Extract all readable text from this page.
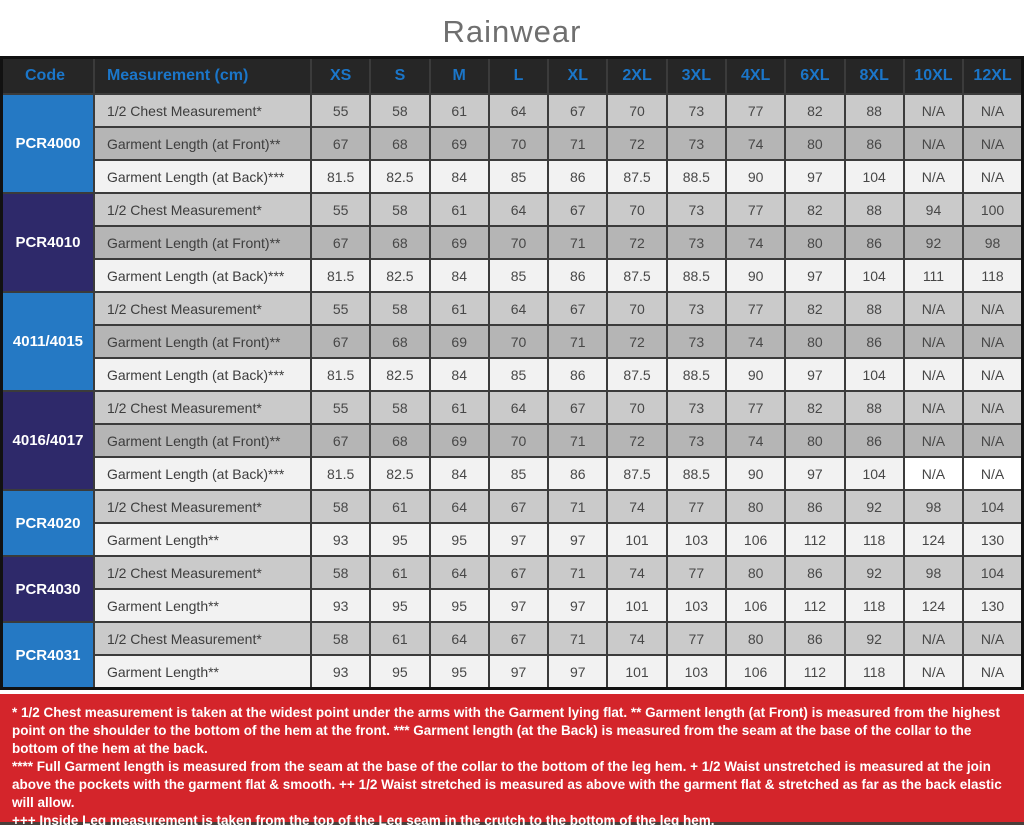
Rainwear
Code	Measurement (cm)	XS	S	M	L	XL	2XL	3XL	4XL	6XL	8XL	10XL	12XL
PCR4000	1/2 Chest Measurement*	55	58	61	64	67	70	73	77	82	88	N/A	N/A
	Garment Length (at Front)**	67	68	69	70	71	72	73	74	80	86	N/A	N/A
	Garment Length (at Back)***	81.5	82.5	84	85	86	87.5	88.5	90	97	104	N/A	N/A
PCR4010	1/2 Chest Measurement*	55	58	61	64	67	70	73	77	82	88	94	100
	Garment Length (at Front)**	67	68	69	70	71	72	73	74	80	86	92	98
	Garment Length (at Back)***	81.5	82.5	84	85	86	87.5	88.5	90	97	104	111	118
4011/4015	1/2 Chest Measurement*	55	58	61	64	67	70	73	77	82	88	N/A	N/A
	Garment Length (at Front)**	67	68	69	70	71	72	73	74	80	86	N/A	N/A
	Garment Length (at Back)***	81.5	82.5	84	85	86	87.5	88.5	90	97	104	N/A	N/A
4016/4017	1/2 Chest Measurement*	55	58	61	64	67	70	73	77	82	88	N/A	N/A
	Garment Length (at Front)**	67	68	69	70	71	72	73	74	80	86	N/A	N/A
	Garment Length (at Back)***	81.5	82.5	84	85	86	87.5	88.5	90	97	104	N/A	N/A
PCR4020	1/2 Chest Measurement*	58	61	64	67	71	74	77	80	86	92	98	104
	Garment Length**	93	95	95	97	97	101	103	106	112	118	124	130
PCR4030	1/2 Chest Measurement*	58	61	64	67	71	74	77	80	86	92	98	104
	Garment Length**	93	95	95	97	97	101	103	106	112	118	124	130
PCR4031	1/2 Chest Measurement*	58	61	64	67	71	74	77	80	86	92	N/A	N/A
	Garment Length**	93	95	95	97	97	101	103	106	112	118	N/A	N/A

* 1/2 Chest measurement is taken at the widest point under the arms with the Garment lying flat. ** Garment length (at Front) is measured from the highest point on the shoulder to the bottom of the hem at the front. *** Garment length (at the Back) is measured from the seam at the base of the collar to the bottom of the hem at the back.

**** Full Garment length is measured from the seam at the base of the collar to the bottom of the leg hem. + 1/2 Waist unstretched is measured at the join above the pockets with the garment flat & smooth. ++ 1/2 Waist stretched is measured as above with the garment flat & stretched as far as the back elastic will allow.

+++ Inside Leg measurement is taken from the top of the Leg seam in the crutch to the bottom of the leg hem.
